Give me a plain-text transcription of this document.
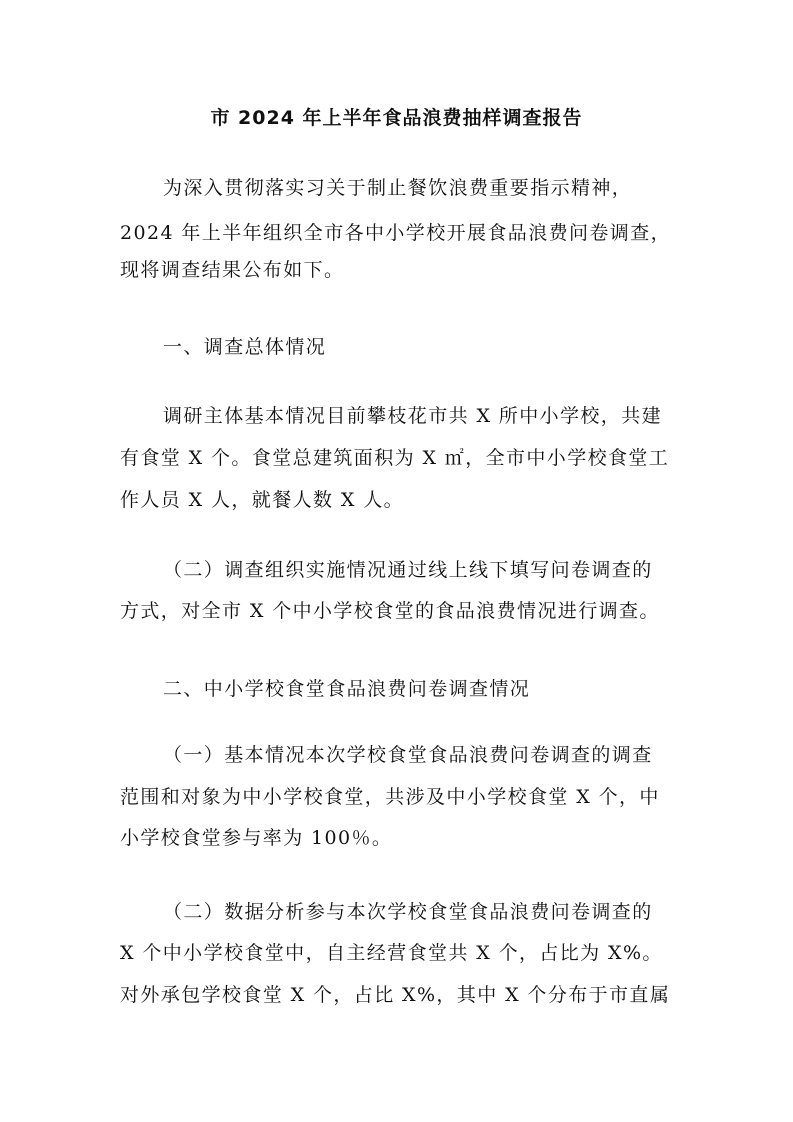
市 2024 年上半年食品浪费抽样调查报告
为深入贯彻落实习关于制止餐饮浪费重要指示精神，
2024 年上半年组织全市各中小学校开展食品浪费问卷调查，
现将调查结果公布如下。
一、调查总体情况
调研主体基本情况目前攀枝花市共 X 所中小学校，共建
有食堂 X 个。食堂总建筑面积为 X ㎡，全市中小学校食堂工
作人员 X 人，就餐人数 X 人。
（二）调查组织实施情况通过线上线下填写问卷调查的
方式，对全市 X 个中小学校食堂的食品浪费情况进行调查。
二、中小学校食堂食品浪费问卷调查情况
（一）基本情况本次学校食堂食品浪费问卷调查的调查
范围和对象为中小学校食堂，共涉及中小学校食堂 X 个，中
小学校食堂参与率为 100％。
（二）数据分析参与本次学校食堂食品浪费问卷调查的
X 个中小学校食堂中，自主经营食堂共 X 个，占比为 X%。
对外承包学校食堂 X 个，占比 X%，其中 X 个分布于市直属
